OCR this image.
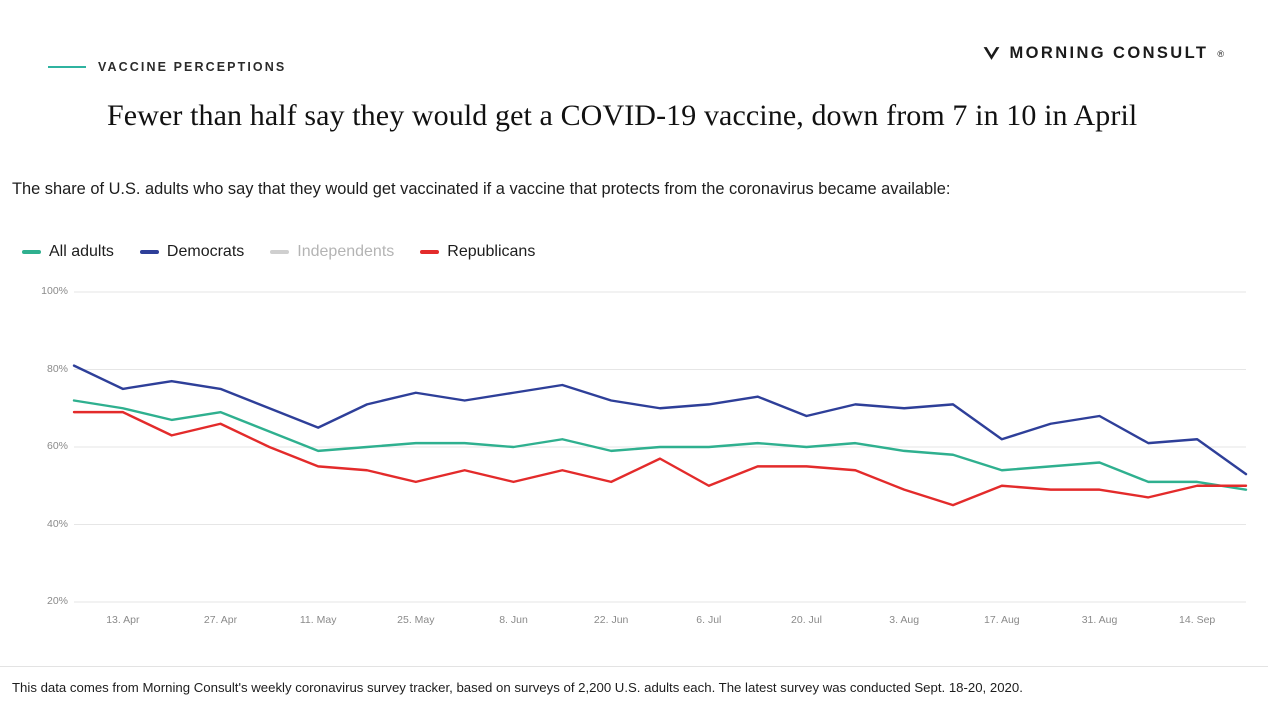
VACCINE PERCEPTIONS
MORNING CONSULT ®
Fewer than half say they would get a COVID-19 vaccine, down from 7 in 10 in April
The share of U.S. adults who say that they would get vaccinated if a vaccine that protects from the coronavirus became available:
All adults	Democrats	Independents	Republicans
20%
40%
60%
80%
100%
13. Apr	27. Apr	11. May	25. May	8. Jun	22. Jun	6. Jul	20. Jul	3. Aug	17. Aug	31. Aug	14. Sep
This data comes from Morning Consult's weekly coronavirus survey tracker, based on surveys of 2,200 U.S. adults each. The latest survey was conducted Sept. 18-20, 2020.
